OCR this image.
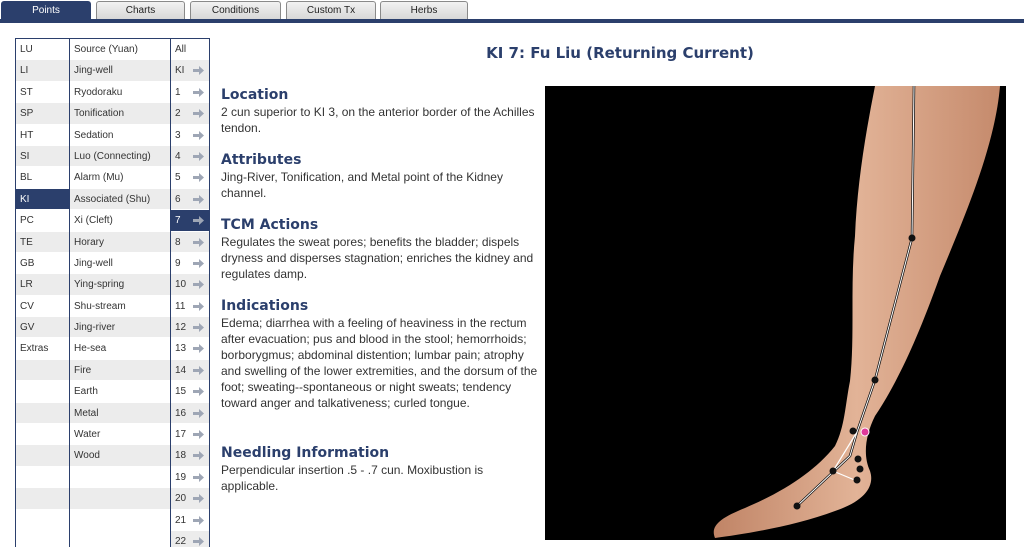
Points	Charts	Conditions	Custom Tx	Herbs
LU
LI
ST
SP
HT
SI
BL
KI
PC
TE
GB
LR
CV
GV
Extras
Source (Yuan)
Jing-well
Ryodoraku
Tonification
Sedation
Luo (Connecting)
Alarm (Mu)
Associated (Shu)
Xi (Cleft)
Horary
Jing-well
Ying-spring
Shu-stream
Jing-river
He-sea
Fire
Earth
Metal
Water
Wood
All
KI
1
2
3
4
5
6
7
8
9
10
11
12
13
14
15
16
17
18
19
20
21
22
KI 7: Fu Liu (Returning Current)
Location

2 cun superior to KI 3, on the anterior border of the Achilles tendon.

Attributes

Jing-River, Tonification, and Metal point of the Kidney channel.

TCM Actions

Regulates the sweat pores; benefits the bladder; dispels dryness and disperses stagnation; enriches the kidney and regulates damp.

Indications

Edema; diarrhea with a feeling of heaviness in the rectum after evacuation; pus and blood in the stool; hemorrhoids; borborygmus; abdominal distention; lumbar pain; atrophy and swelling of the lower extremities, and the dorsum of the foot; sweating--spontaneous or night sweats; tendency toward anger and talkativeness; curled tongue.

Needling Information

Perpendicular insertion .5 - .7 cun. Moxibustion is applicable.
